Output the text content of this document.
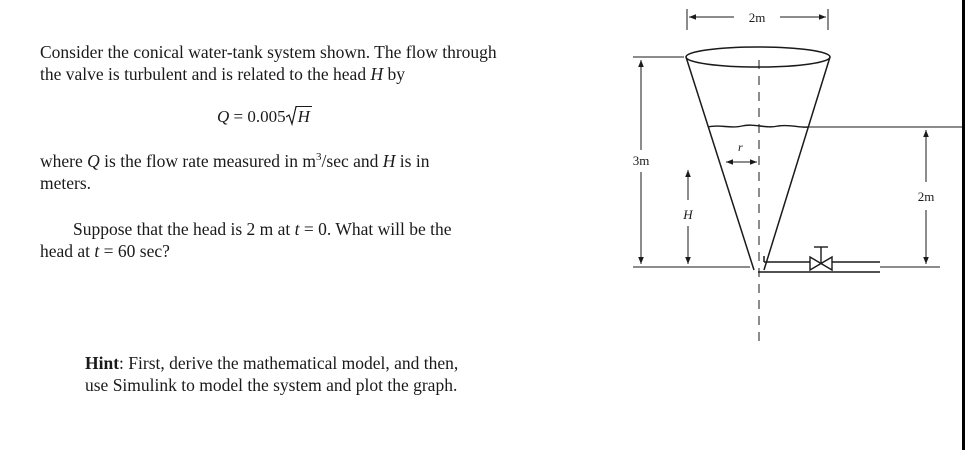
Consider the conical water-tank system shown. The flow through
the valve is turbulent and is related to the head H by
Q = 0.005 H
where Q is the flow rate measured in $m^3/\sec$ and H is in
meters.
Suppose that the head is 2 m at t = 0. What will be the
head at t = 60 sec?
Hint: First, derive the mathematical model, and then,
use Simulink to model the system and plot the graph.
2m
r
3m
H
2m
